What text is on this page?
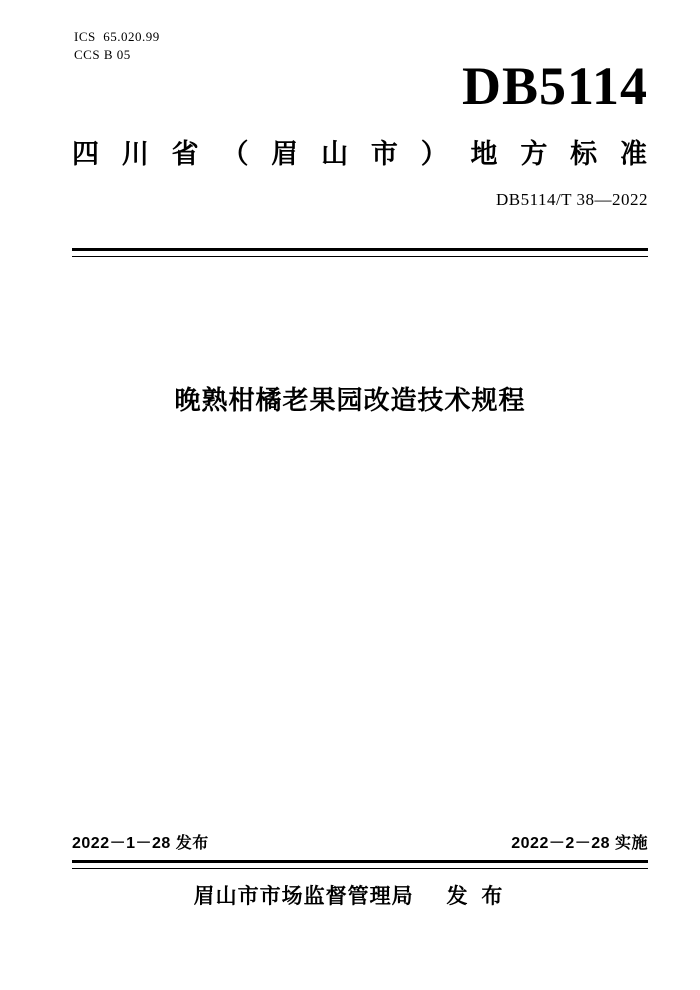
ICS  65.020.99
CCS B 05
DB5114
四 川 省 （ 眉 山 市 ） 地 方 标 准
DB5114/T 38—2022
晚熟柑橘老果园改造技术规程
2022－1－28 发布	2022－2－28 实施
眉山市市场监督管理局 发 布
